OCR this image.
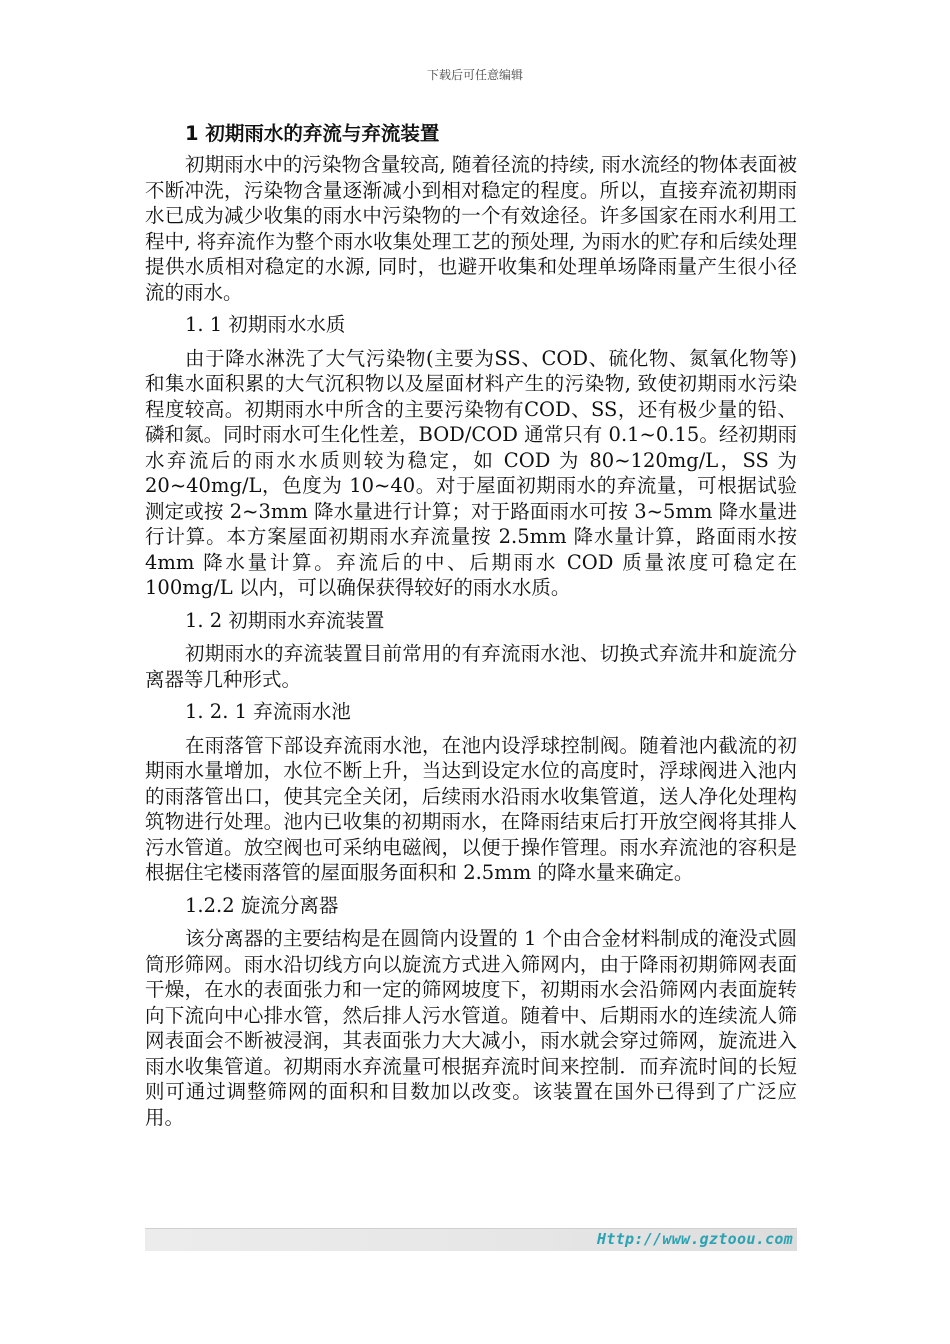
下载后可任意编辑
1 初期雨水的弃流与弃流装置

初期雨水中的污染物含量较高, 随着径流的持续, 雨水流经的物体表面被不断冲洗，污染物含量逐渐减小到相对稳定的程度。所以，直接弃流初期雨水已成为减少收集的雨水中污染物的一个有效途径。许多国家在雨水利用工程中, 将弃流作为整个雨水收集处理工艺的预处理, 为雨水的贮存和后续处理提供水质相对稳定的水源, 同时，也避开收集和处理单场降雨量产生很小径流的雨水。

1. 1 初期雨水水质

由于降水淋洗了大气污染物(主要为SS、COD、硫化物、氮氧化物等) 和集水面积累的大气沉积物以及屋面材料产生的污染物, 致使初期雨水污染程度较高。初期雨水中所含的主要污染物有COD、SS，还有极少量的铅、磷和氮。同时雨水可生化性差，BOD/COD 通常只有 0.1~0.15。经初期雨水弃流后的雨水水质则较为稳定，如 COD 为 80~120mg/L，SS 为 20~40mg/L，色度为 10~40。对于屋面初期雨水的弃流量，可根据试验测定或按 2~3mm 降水量进行计算；对于路面雨水可按 3~5mm 降水量进行计算。本方案屋面初期雨水弃流量按 2.5mm 降水量计算，路面雨水按 4mm 降水量计算。弃流后的中、后期雨水 COD 质量浓度可稳定在 100mg/L 以内，可以确保获得较好的雨水水质。

1. 2 初期雨水弃流装置

初期雨水的弃流装置目前常用的有弃流雨水池、切换式弃流井和旋流分离器等几种形式。

1. 2. 1 弃流雨水池

在雨落管下部设弃流雨水池，在池内设浮球控制阀。随着池内截流的初期雨水量增加，水位不断上升，当达到设定水位的高度时，浮球阀进入池内的雨落管出口，使其完全关闭，后续雨水沿雨水收集管道，送人净化处理构筑物进行处理。池内已收集的初期雨水，在降雨结束后打开放空阀将其排人污水管道。放空阀也可采纳电磁阀，以便于操作管理。雨水弃流池的容积是根据住宅楼雨落管的屋面服务面积和 2.5mm 的降水量来确定。

1.2.2 旋流分离器

该分离器的主要结构是在圆筒内设置的 1 个由合金材料制成的淹没式圆筒形筛网。雨水沿切线方向以旋流方式进入筛网内，由于降雨初期筛网表面干燥，在水的表面张力和一定的筛网坡度下，初期雨水会沿筛网内表面旋转向下流向中心排水管，然后排人污水管道。随着中、后期雨水的连续流人筛网表面会不断被浸润，其表面张力大大减小，雨水就会穿过筛网，旋流进入雨水收集管道。初期雨水弃流量可根据弃流时间来控制．而弃流时间的长短则可通过调整筛网的面积和目数加以改变。该装置在国外已得到了广泛应用。

Http://www.gztoou.com
